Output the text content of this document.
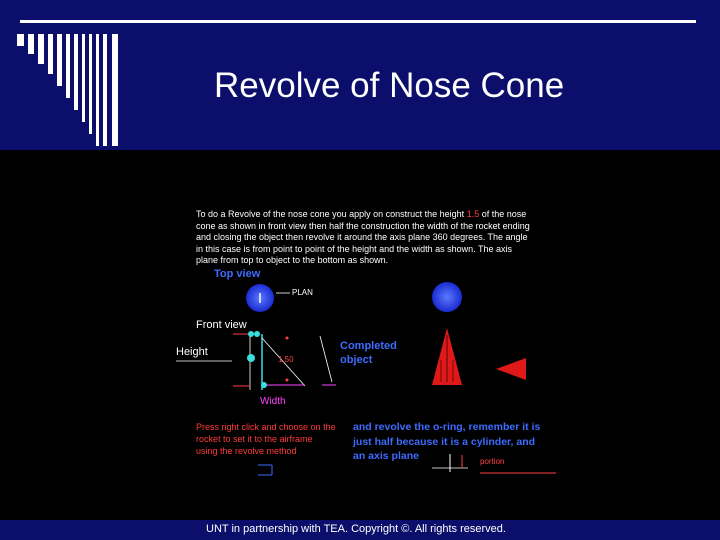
Revolve of Nose Cone
To do a Revolve of the nose cone you apply on construct the height 1.5 of the nose cone as shown in front view then half the construction the width of the rocket ending and closing the object then revolve it around the axis plane 360 degrees. The angle in this case is from point to point of the height and the width as shown. The axis plane from top to object to the bottom as shown.
Top view
PLAN
Front view
Height
1.50
Width
Completed object
Press right click and choose on the rocket to set it to the airframe using the revolve method
and revolve the o-ring, remember it is just half because it is a cylinder, and an axis plane	portion
UNT in partnership with TEA. Copyright ©. All rights reserved.
